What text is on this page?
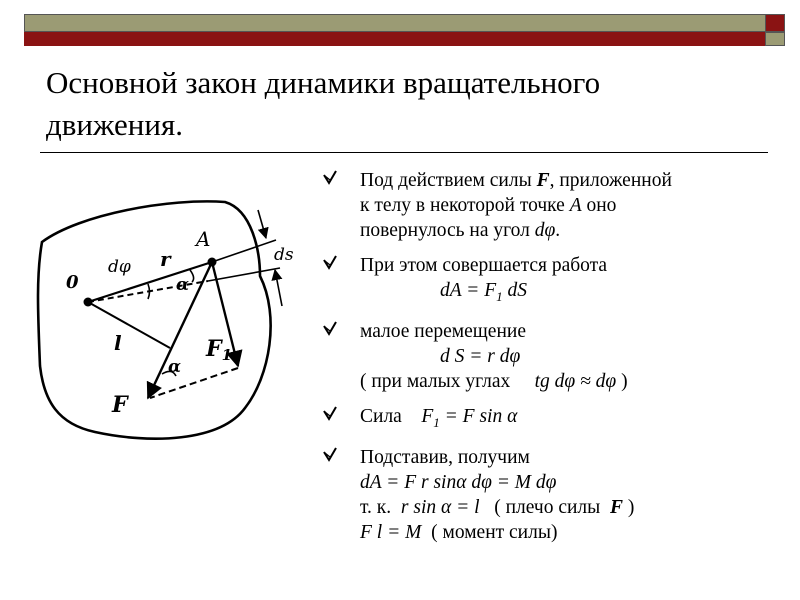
Основной закон динамики вращательного
движения.
0
A
dφ r
α
l
F
F1
α
ds
Под действием силы F, приложенной
к телу в некоторой точке A оно
повернулось на угол dφ.
При этом совершается работа
dA = $F_1$ dS
малое перемещение
d S = r dφ
( при малых углах     tg dφ ≈ dφ )
Сила    $F_1 = F$ sin α
Подставив, получим
dA = F r sinα dφ = M dφ
т. к.  r sin α = l   ( плечо силы  F )
F l = M  ( момент силы)
